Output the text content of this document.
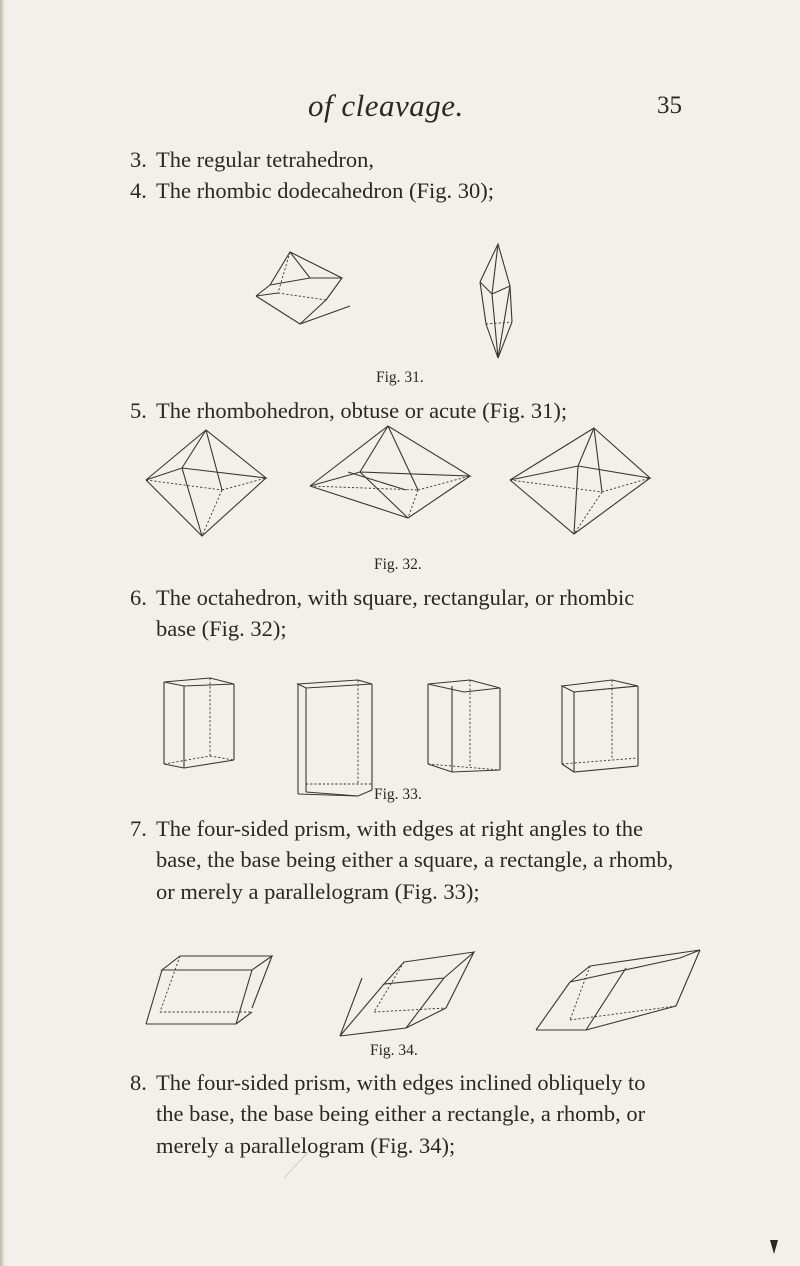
of cleavage.	35
3. The regular tetrahedron,
4. The rhombic dodecahedron (Fig. 30);
Fig. 31.
5. The rhombohedron, obtuse or acute (Fig. 31);
Fig. 32.
6. The octahedron, with square, rectangular, or rhombic
base (Fig. 32);
Fig. 33.
7. The four-sided prism, with edges at right angles to the
base, the base being either a square, a rectangle, a rhomb,
or merely a parallelogram (Fig. 33);
Fig. 34.
8. The four-sided prism, with edges inclined obliquely to
the base, the base being either a rectangle, a rhomb, or
merely a parallelogram (Fig. 34);
